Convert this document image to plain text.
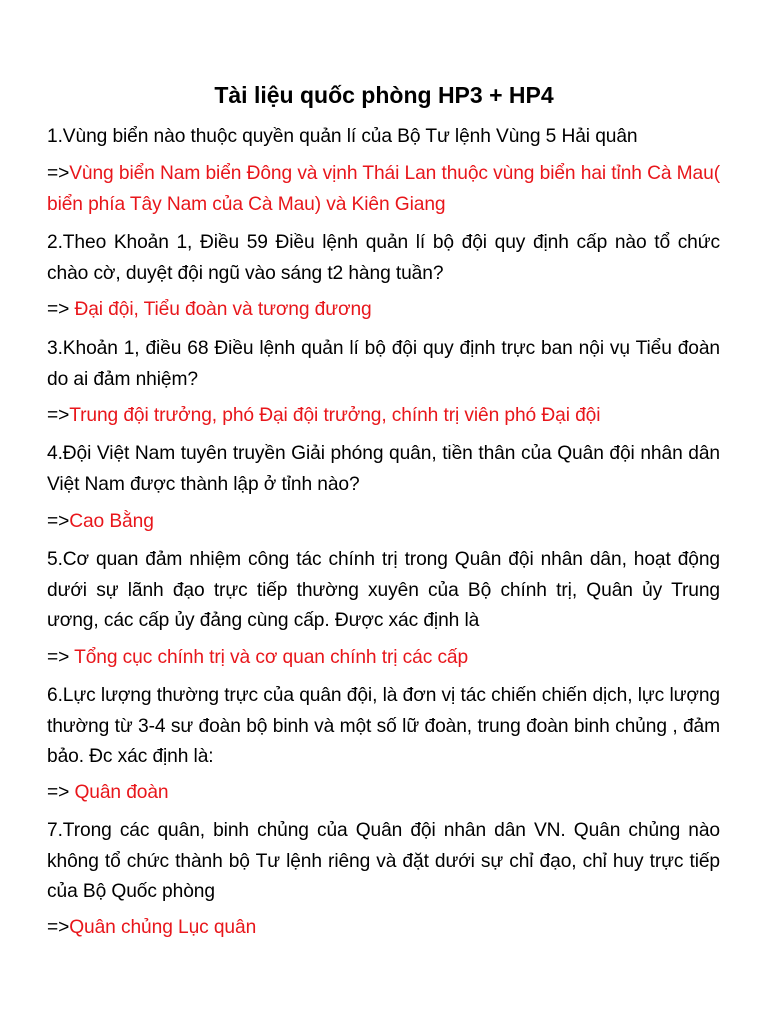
Tài liệu quốc phòng HP3 + HP4
1.Vùng biển nào thuộc quyền quản lí của Bộ Tư lệnh Vùng 5 Hải quân
=>Vùng biển Nam biển Đông và vịnh Thái Lan thuộc vùng biển hai tỉnh Cà Mau( biển phía Tây Nam của Cà Mau) và Kiên Giang
2.Theo Khoản 1, Điều 59 Điều lệnh quản lí bộ đội quy định cấp nào tổ chức chào cờ, duyệt đội ngũ vào sáng t2 hàng tuần?
=> Đại đội, Tiểu đoàn và tương đương
3.Khoản 1, điều 68 Điều lệnh quản lí bộ đội quy định trực ban nội vụ Tiểu đoàn do ai đảm nhiệm?
=>Trung đội trưởng, phó Đại đội trưởng, chính trị viên phó Đại đội
4.Đội Việt Nam tuyên truyền Giải phóng quân, tiền thân của Quân đội nhân dân Việt Nam được thành lập ở tỉnh nào?
=>Cao Bằng
5.Cơ quan đảm nhiệm công tác chính trị trong Quân đội nhân dân, hoạt động dưới sự lãnh đạo trực tiếp thường xuyên của Bộ chính trị, Quân ủy Trung ương, các cấp ủy đảng cùng cấp. Được xác định là
=> Tổng cục chính trị và cơ quan chính trị các cấp
6.Lực lượng thường trực của quân đội, là đơn vị tác chiến chiến dịch, lực lượng thường từ 3-4 sư đoàn bộ binh và một số lữ đoàn, trung đoàn binh chủng , đảm bảo. Đc xác định là:
=> Quân đoàn
7.Trong các quân, binh chủng của Quân đội nhân dân VN. Quân chủng nào không tổ chức thành bộ Tư lệnh riêng và đặt dưới sự chỉ đạo, chỉ huy trực tiếp của Bộ Quốc phòng
=>Quân chủng Lục quân
